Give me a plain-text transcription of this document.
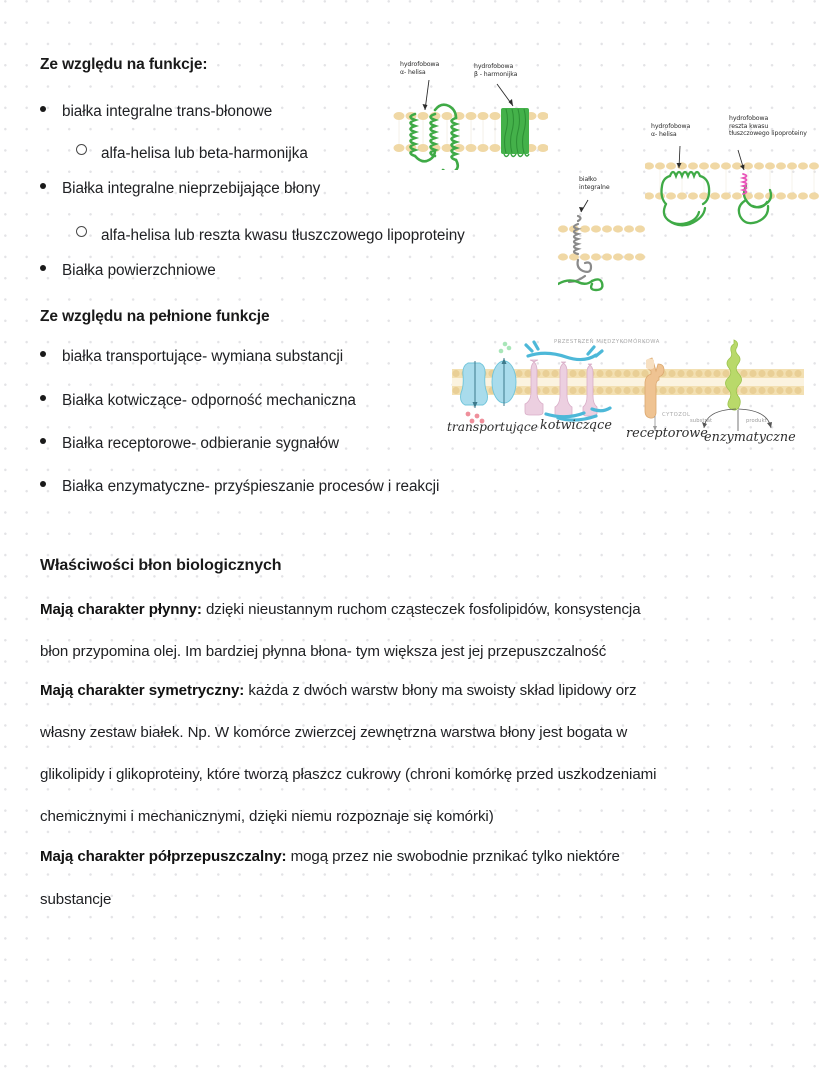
Ze względu na funkcje:
białka integralne trans-błonowe
alfa-helisa lub beta-harmonijka
Białka integralne nieprzebijające błony
alfa-helisa lub reszta kwasu tłuszczowego lipoproteiny
Białka powierzchniowe
Ze względu na pełnione funkcje
białka transportujące- wymiana substancji
Białka kotwiczące- odporność mechaniczna
Białka receptorowe- odbieranie sygnałów
Białka enzymatyczne- przyśpieszanie procesów i reakcji
Właściwości błon biologicznych
Mają charakter płynny: dzięki nieustannym ruchom cząsteczek fosfolipidów, konsystencja
błon przypomina olej. Im bardziej płynna błona- tym większa jest jej przepuszczalność
Mają charakter symetryczny: każda z dwóch warstw błony ma swoisty skład lipidowy orz
własny zestaw białek. Np. W komórce zwierzcej zewnętrzna warstwa błony jest bogata w
glikolipidy i glikoproteiny, które tworzą płaszcz cukrowy (chroni komórkę przed uszkodzeniami
chemicznymi i mechanicznymi, dzięki niemu rozpoznaje się komórki)
Mają charakter półprzepuszczalny: mogą przez nie swobodnie prznikać tylko niektóre
substancje
hydrofobowa
α- helisa
hydrofobowa
β - harmonijka
białko
integralne
hydrofobowa
α- helisa
hydrofobowa
reszta kwasu
tłuszczowego lipoproteiny
PRZESTRZEŃ MIĘDZYKOMÓRKOWA
CYTOZOL
transportujące kotwiczące
receptorowe
enzymatyczne
substrat	produkt
